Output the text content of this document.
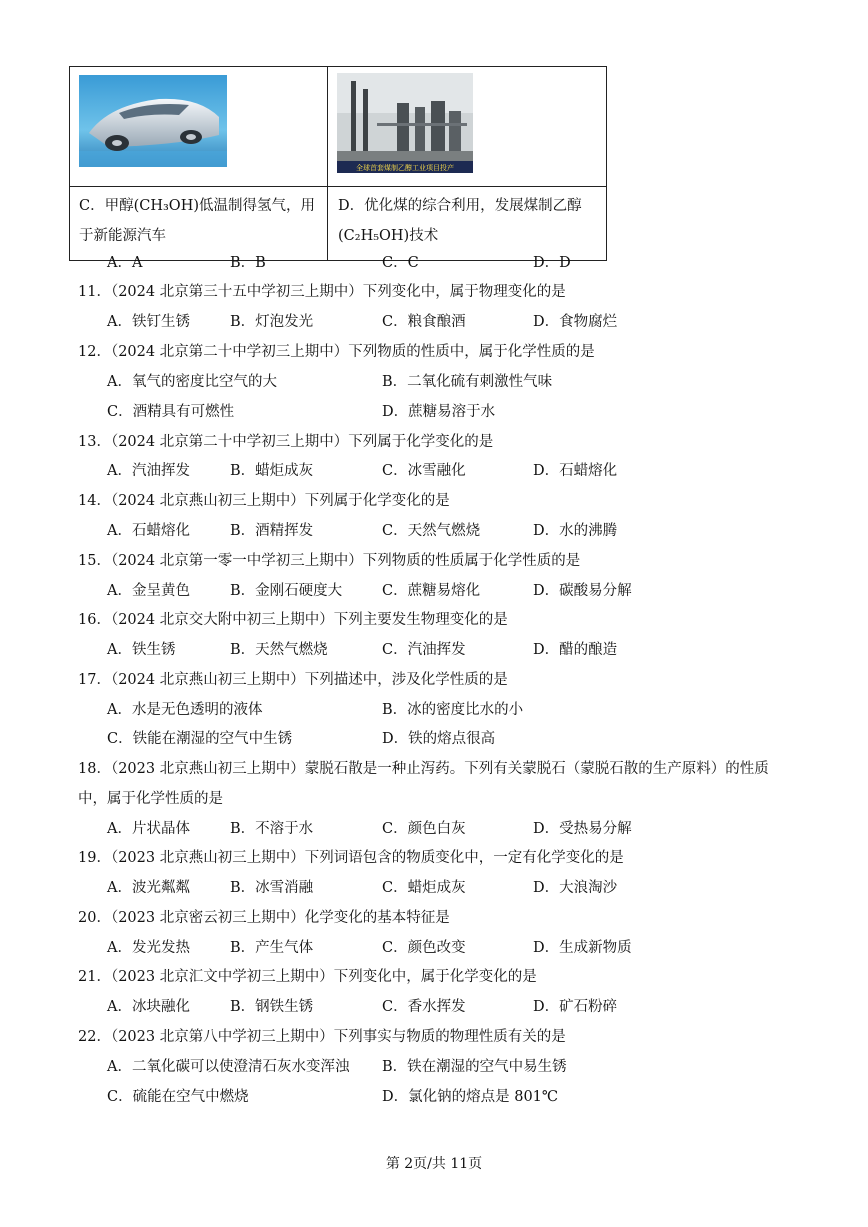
全球首套煤制乙醇工业项目投产
C．甲醇(CH₃OH)低温制得氢气，用于新能源汽车
D．优化煤的综合利用，发展煤制乙醇(C₂H₅OH)技术
A．A	B．B	C．C	D．D
11．（2024 北京第三十五中学初三上期中）下列变化中，属于物理变化的是
A．铁钉生锈	B．灯泡发光	C．粮食酿酒	D．食物腐烂
12．（2024 北京第二十中学初三上期中）下列物质的性质中，属于化学性质的是
A．氧气的密度比空气的大	B．二氧化硫有刺激性气味
C．酒精具有可燃性	D．蔗糖易溶于水
13．（2024 北京第二十中学初三上期中）下列属于化学变化的是
A．汽油挥发	B．蜡炬成灰	C．冰雪融化	D．石蜡熔化
14．（2024 北京燕山初三上期中）下列属于化学变化的是
A．石蜡熔化	B．酒精挥发	C．天然气燃烧	D．水的沸腾
15．（2024 北京第一零一中学初三上期中）下列物质的性质属于化学性质的是
A．金呈黄色	B．金刚石硬度大	C．蔗糖易熔化	D．碳酸易分解
16．（2024 北京交大附中初三上期中）下列主要发生物理变化的是
A．铁生锈	B．天然气燃烧	C．汽油挥发	D．醋的酿造
17．（2024 北京燕山初三上期中）下列描述中，涉及化学性质的是
A．水是无色透明的液体	B．冰的密度比水的小
C．铁能在潮湿的空气中生锈	D．铁的熔点很高
18．（2023 北京燕山初三上期中）蒙脱石散是一种止泻药。下列有关蒙脱石（蒙脱石散的生产原料）的性质
中，属于化学性质的是
A．片状晶体	B．不溶于水	C．颜色白灰	D．受热易分解
19．（2023 北京燕山初三上期中）下列词语包含的物质变化中，一定有化学变化的是
A．波光粼粼	B．冰雪消融	C．蜡炬成灰	D．大浪淘沙
20．（2023 北京密云初三上期中）化学变化的基本特征是
A．发光发热	B．产生气体	C．颜色改变	D．生成新物质
21．（2023 北京汇文中学初三上期中）下列变化中，属于化学变化的是
A．冰块融化	B．钢铁生锈	C．香水挥发	D．矿石粉碎
22．（2023 北京第八中学初三上期中）下列事实与物质的物理性质有关的是
A．二氧化碳可以使澄清石灰水变浑浊 B．铁在潮湿的空气中易生锈
C．硫能在空气中燃烧	D．氯化钠的熔点是 801℃
第 2页/共 11页
